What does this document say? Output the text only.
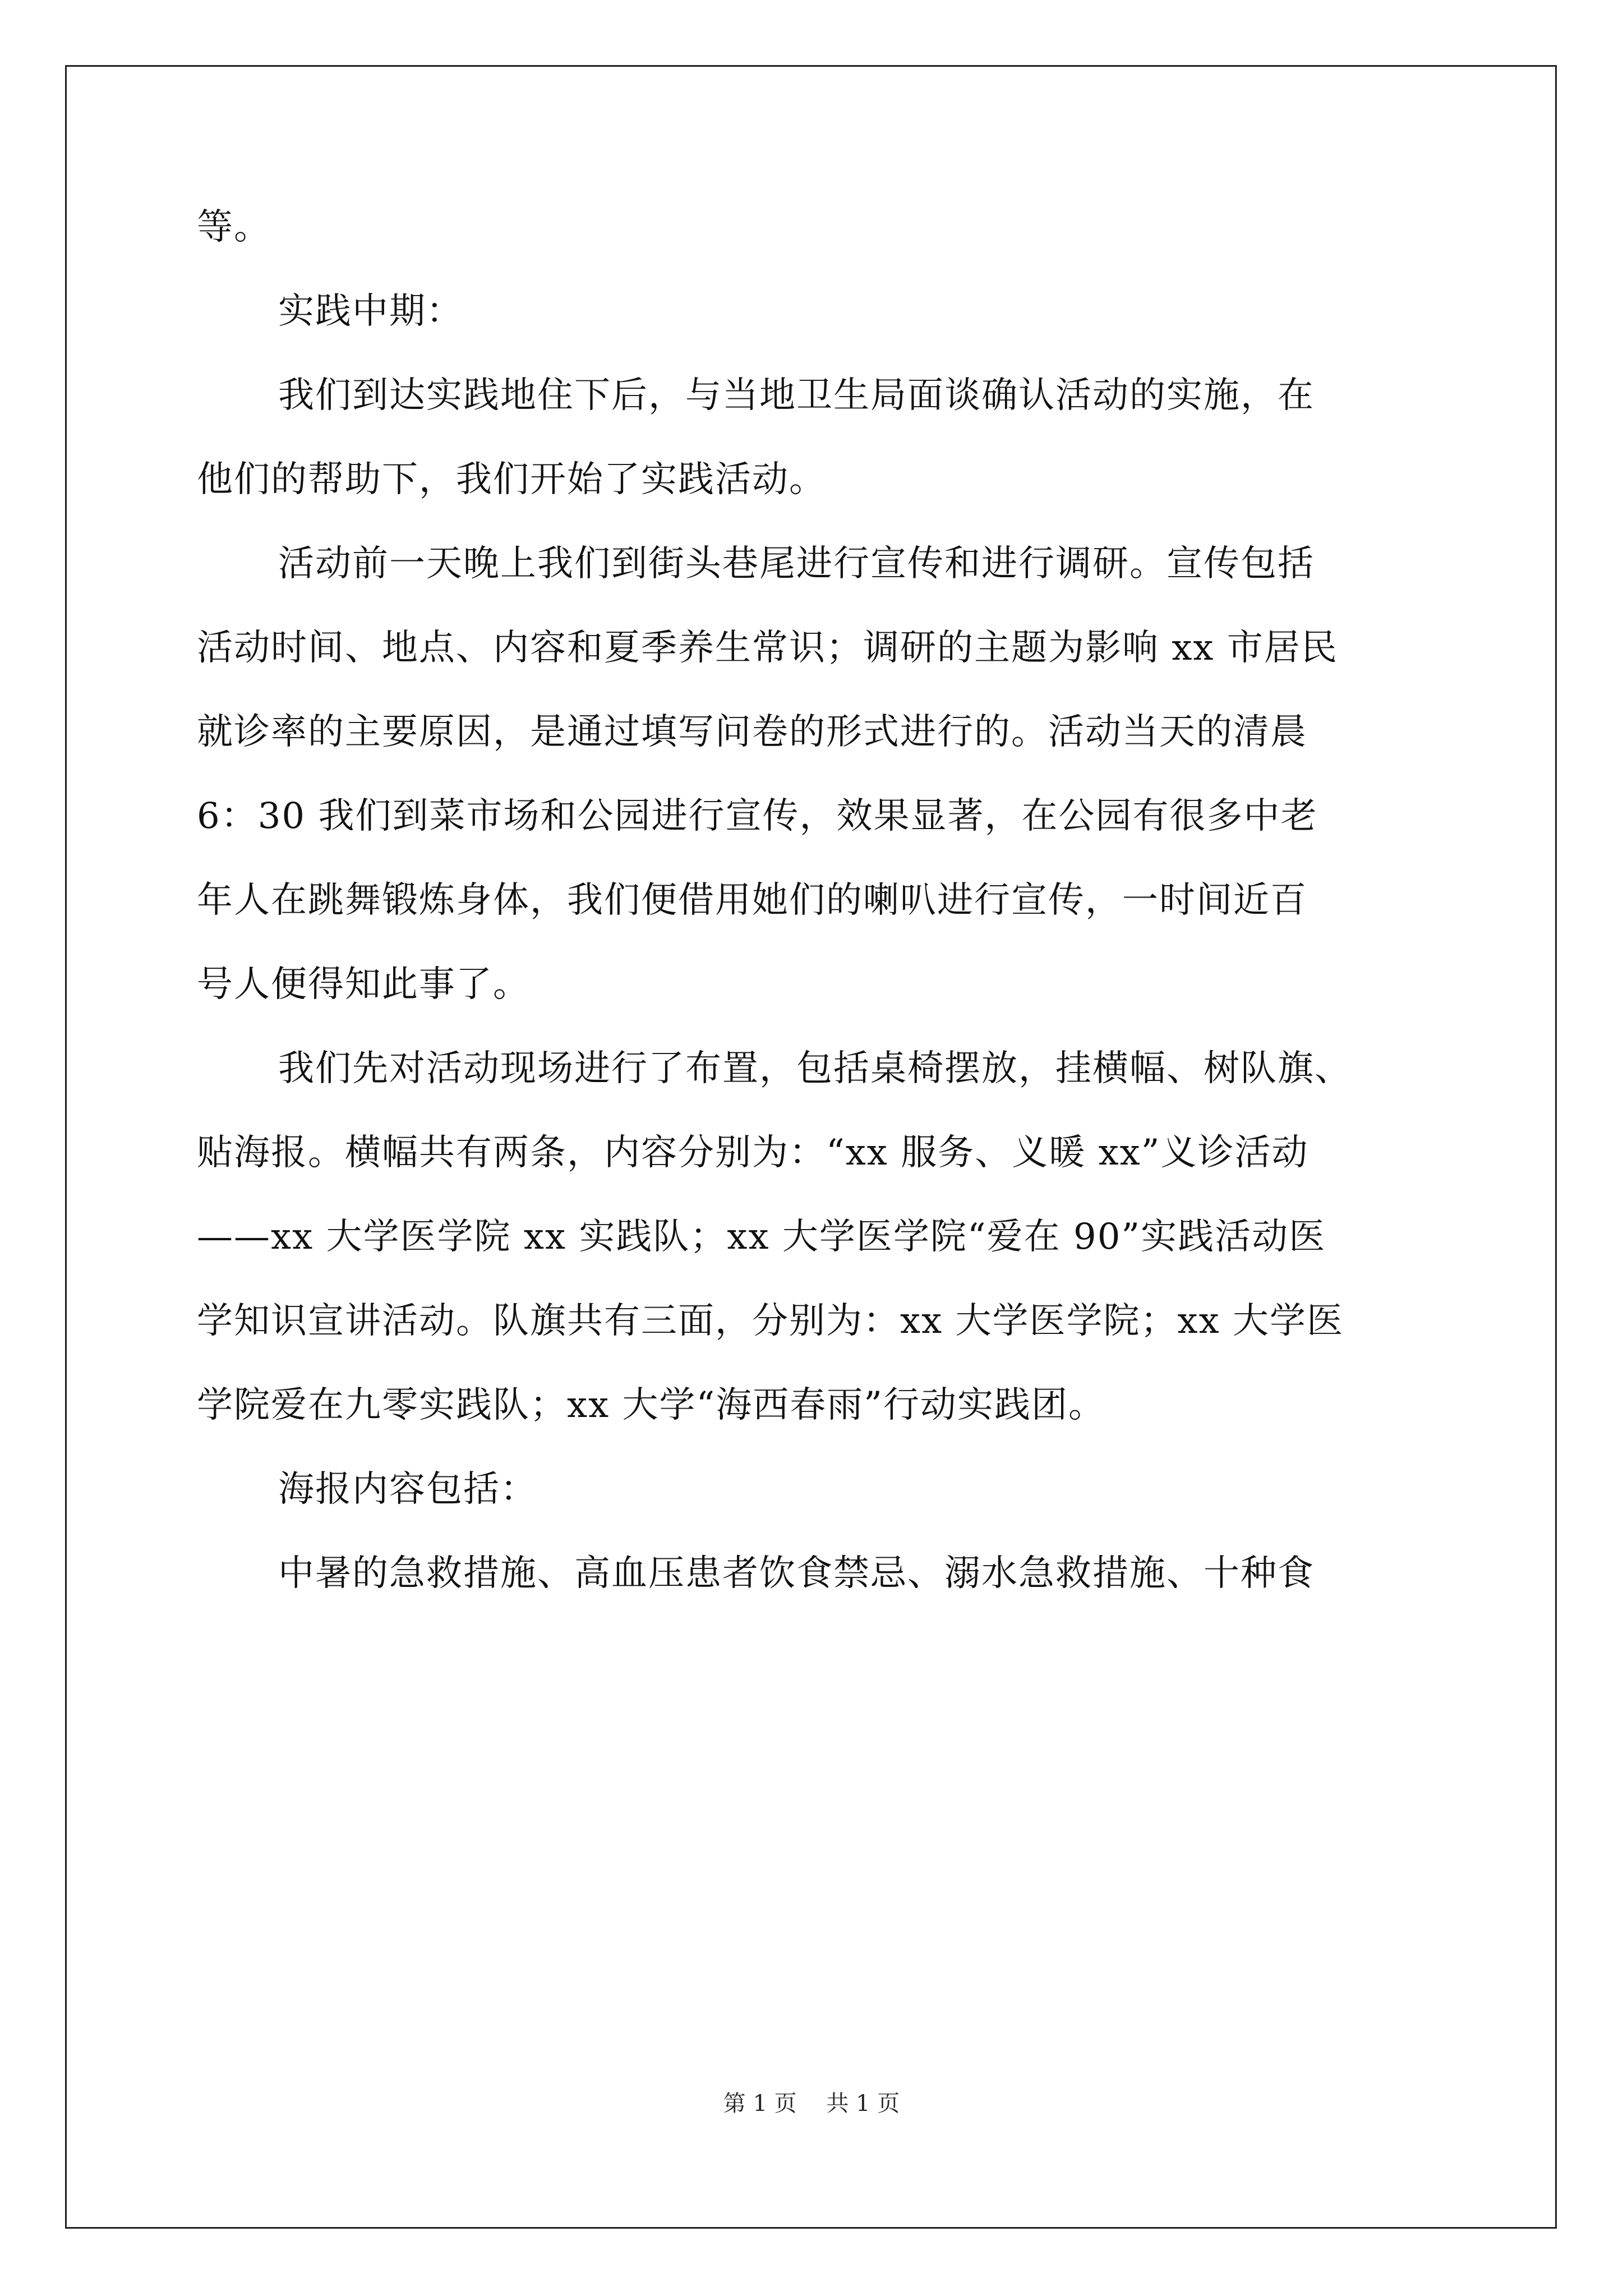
等。
实践中期：
我们到达实践地住下后，与当地卫生局面谈确认活动的实施，在
他们的帮助下，我们开始了实践活动。
活动前一天晚上我们到街头巷尾进行宣传和进行调研。宣传包括
活动时间、地点、内容和夏季养生常识；调研的主题为影响 xx 市居民
就诊率的主要原因，是通过填写问卷的形式进行的。活动当天的清晨
6：30 我们到菜市场和公园进行宣传，效果显著，在公园有很多中老
年人在跳舞锻炼身体，我们便借用她们的喇叭进行宣传，一时间近百
号人便得知此事了。
我们先对活动现场进行了布置，包括桌椅摆放，挂横幅、树队旗、
贴海报。横幅共有两条，内容分别为：“xx 服务、义暖 xx”义诊活动
——xx 大学医学院 xx 实践队；xx 大学医学院“爱在 90”实践活动医
学知识宣讲活动。队旗共有三面，分别为：xx 大学医学院；xx 大学医
学院爱在九零实践队；xx 大学“海西春雨”行动实践团。
海报内容包括：
中暑的急救措施、高血压患者饮食禁忌、溺水急救措施、十种食
第 1 页 共 1 页
